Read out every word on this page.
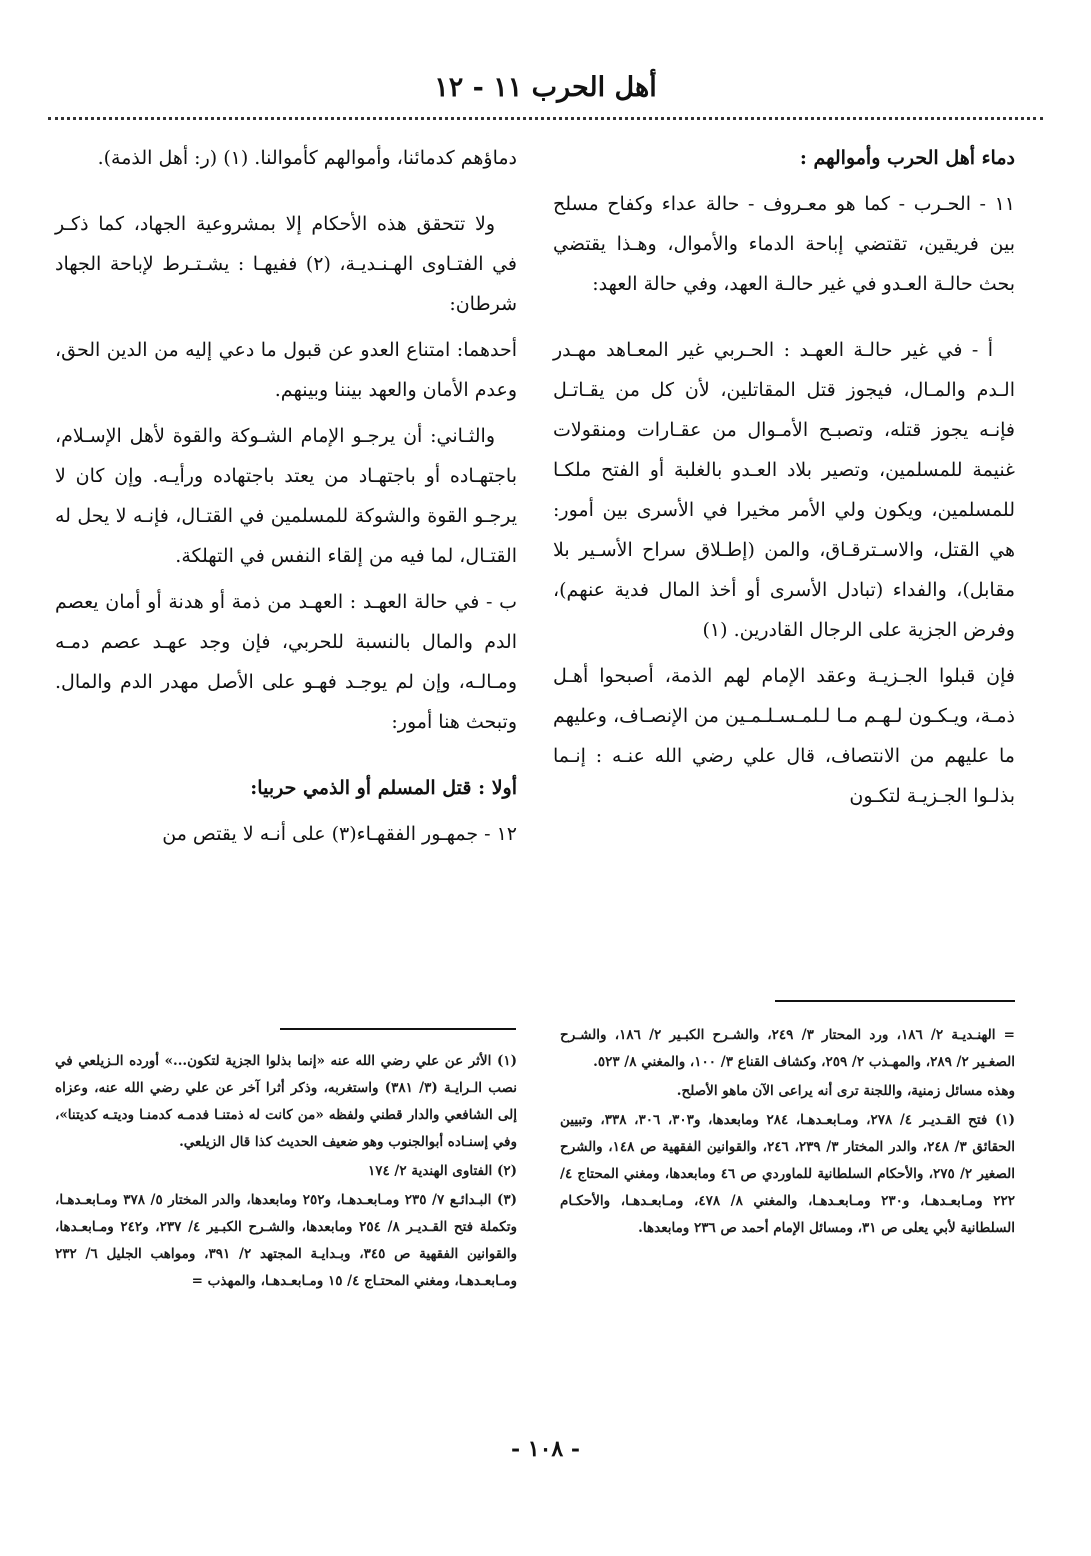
أهل الحرب ١١ - ١٢

دماء أهل الحرب وأموالهم :

١١ - الحـرب - كما هو معـروف - حالة عداء وكفاح مسلح بين فريقين، تقتضي إباحة الدماء والأموال، وهـذا يقتضي بحث حالـة العـدو في غير حالـة العهد، وفي حالة العهد:

أ - في غير حالـة العهـد : الحـربي غير المعـاهد مهـدر الـدم والمـال، فيجوز قتل المقاتلين، لأن كل من يقـاتـل فإنـه يجوز قتله، وتصبـح الأمـوال من عقـارات ومنقولات غنيمة للمسلمين، وتصير بلاد العـدو بالغلبة أو الفتح ملكـا للمسلمين، ويكون ولي الأمر مخيرا في الأسرى بين أمور: هي القتل، والاسـترقـاق، والمن (إطـلاق سراح الأسـير بلا مقابل)، والفداء (تبادل الأسرى أو أخذ المال فدية عنهم)، وفرض الجزية على الرجال القادرين. (١)

فإن قبلوا الجـزيـة وعقد الإمام لهم الذمة، أصبحوا أهـل ذمـة، ويـكـون لـهـم مـا لـلمـسـلـمـين من الإنصـاف، وعليهم ما عليهم من الانتصاف، قال علي رضي الله عنـه : إنـما بذلـوا الجـزيـة لتكـون

دماؤهم كدمائنا، وأموالهم كأموالنا. (١) (ر: أهل الذمة).

ولا تتحقق هذه الأحكام إلا بمشروعية الجهاد، كما ذكـر في الفتـاوى الهـنـديـة، (٢) ففيهـا : يشـتـرط لإباحة الجهاد شرطان:

أحدهما: امتناع العدو عن قبول ما دعي إليه من الدين الحق، وعدم الأمان والعهد بيننا وبينهم.

والثـاني: أن يرجـو الإمام الشـوكة والقوة لأهل الإسـلام، باجتهـاده أو باجتهـاد من يعتد باجتهاده ورأيـه. وإن كان لا يرجـو القوة والشوكة للمسلمين في القتـال، فإنـه لا يحل له القتـال، لما فيه من إلقاء النفس في التهلكة.

ب - في حالة العهـد : العهـد من ذمة أو هدنة أو أمان يعصم الدم والمال بالنسبة للحربي، فإن وجد عهـد عصم دمـه ومـالـه، وإن لم يوجـد فهـو على الأصل مهدر الدم والمال. وتبحث هنا أمور:

أولا : قتل المسلم أو الذمي حربيا:

١٢ - جمهـور الفقهـاء(٣) على أنـه لا يقتص من

= الهنـديـة ٢/ ١٨٦، ورد المحتار ٣/ ٢٤٩، والشـرح الكبـير ٢/ ١٨٦، والشـرح الصغـير ٢/ ٢٨٩، والمهـذب ٢/ ٢٥٩، وكشاف القناع ٣/ ١٠٠، والمغني ٨/ ٥٢٣.

وهذه مسائل زمنية، واللجنة ترى أنه يراعى الآن ماهو الأصلح.

(١) فتح القـديـر ٤/ ٢٧٨، ومـابعـدهـا، ٢٨٤ ومابعدها، و٣٠٣، ٣٠٦، ٣٣٨، وتبيين الحقائق ٣/ ٢٤٨، والدر المختار ٣/ ٢٣٩، ٢٤٦، والقوانين الفقهية ص ١٤٨، والشرح الصغير ٢/ ٢٧٥، والأحكام السلطانية للماوردي ص ٤٦ ومابعدها، ومغني المحتاج ٤/ ٢٢٢ ومـابعـدهـا، و٢٣٠ ومـابعـدهـا، والمغني ٨/ ٤٧٨، ومـابعـدهـا، والأحكـام السلطانية لأبي يعلى ص ٣١، ومسائل الإمام أحمد ص ٢٣٦ ومابعدها.

(١) الأثر عن علي رضي الله عنه «إنما بذلوا الجزية لتكون...» أورده الـزيلعي في نصب الـرايـة (٣/ ٣٨١) واستغربه، وذكر أثرا آخر عن علي رضي الله عنه، وعزاه إلى الشافعي والدار قطني ولفظه «من كانت له ذمتنـا فدمـه كدمنـا وديتـه كديتنا»، وفي إسنـاده أبوالجنوب وهو ضعيف الحديث كذا قال الزيلعي.

(٢) الفتاوى الهندية ٢/ ١٧٤

(٣) البـدائـع ٧/ ٢٣٥ ومـابعـدهـا، و٢٥٢ ومابعدها، والدر المختار ٥/ ٣٧٨ ومـابعـدهـا، وتكملة فتح القـديـر ٨/ ٢٥٤ ومابعدها، والشـرح الكبـير ٤/ ٢٣٧، و٢٤٢ ومـابعـدها، والقوانين الفقهية ص ٣٤٥، وبـدايـة المجتهد ٢/ ٣٩١، ومواهب الجليل ٦/ ٢٣٢ ومـابعـدهـا، ومغني المحتـاج ٤/ ١٥ ومـابعـدهـا، والمهذب =

- ١٠٨ -
